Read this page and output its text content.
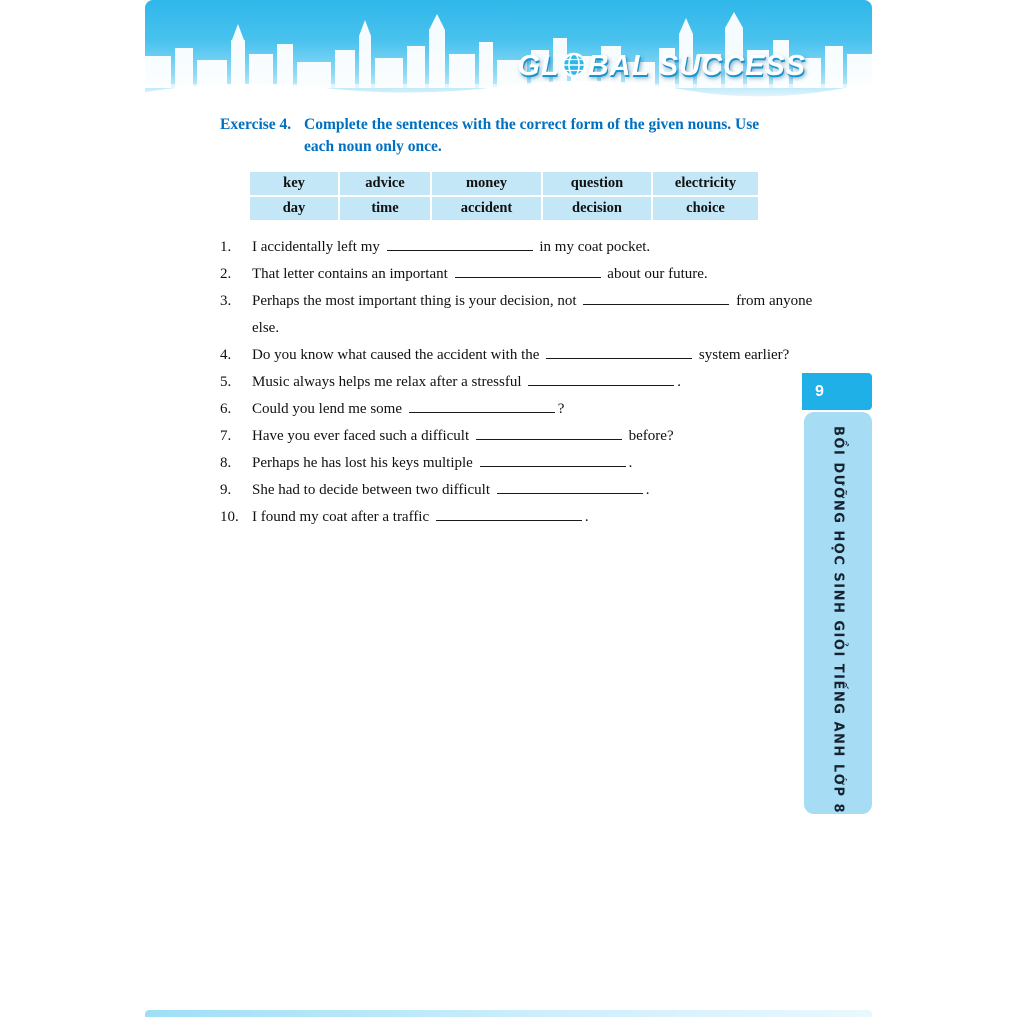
GL BAL SUCCESS
Exercise 4. Complete the sentences with the correct form of the given nouns. Use
each noun only once.
key	advice	money	question	electricity
day	time	accident	decision	choice
1.	I accidentally left my	in my coat pocket.
2.	That letter contains an important	about our future.
3.	Perhaps the most important thing is your decision, not	from anyone else.
4.	Do you know what caused the accident with the	system earlier?
5.	Music always helps me relax after a stressful	.
6.	Could you lend me some	?
7.	Have you ever faced such a difficult	before?
8.	Perhaps he has lost his keys multiple	.
9.	She had to decide between two difficult	.
10. I found my coat after a traffic	.
9
BỒI DƯỠNG HỌC SINH GIỎI TIẾNG ANH LỚP 8
